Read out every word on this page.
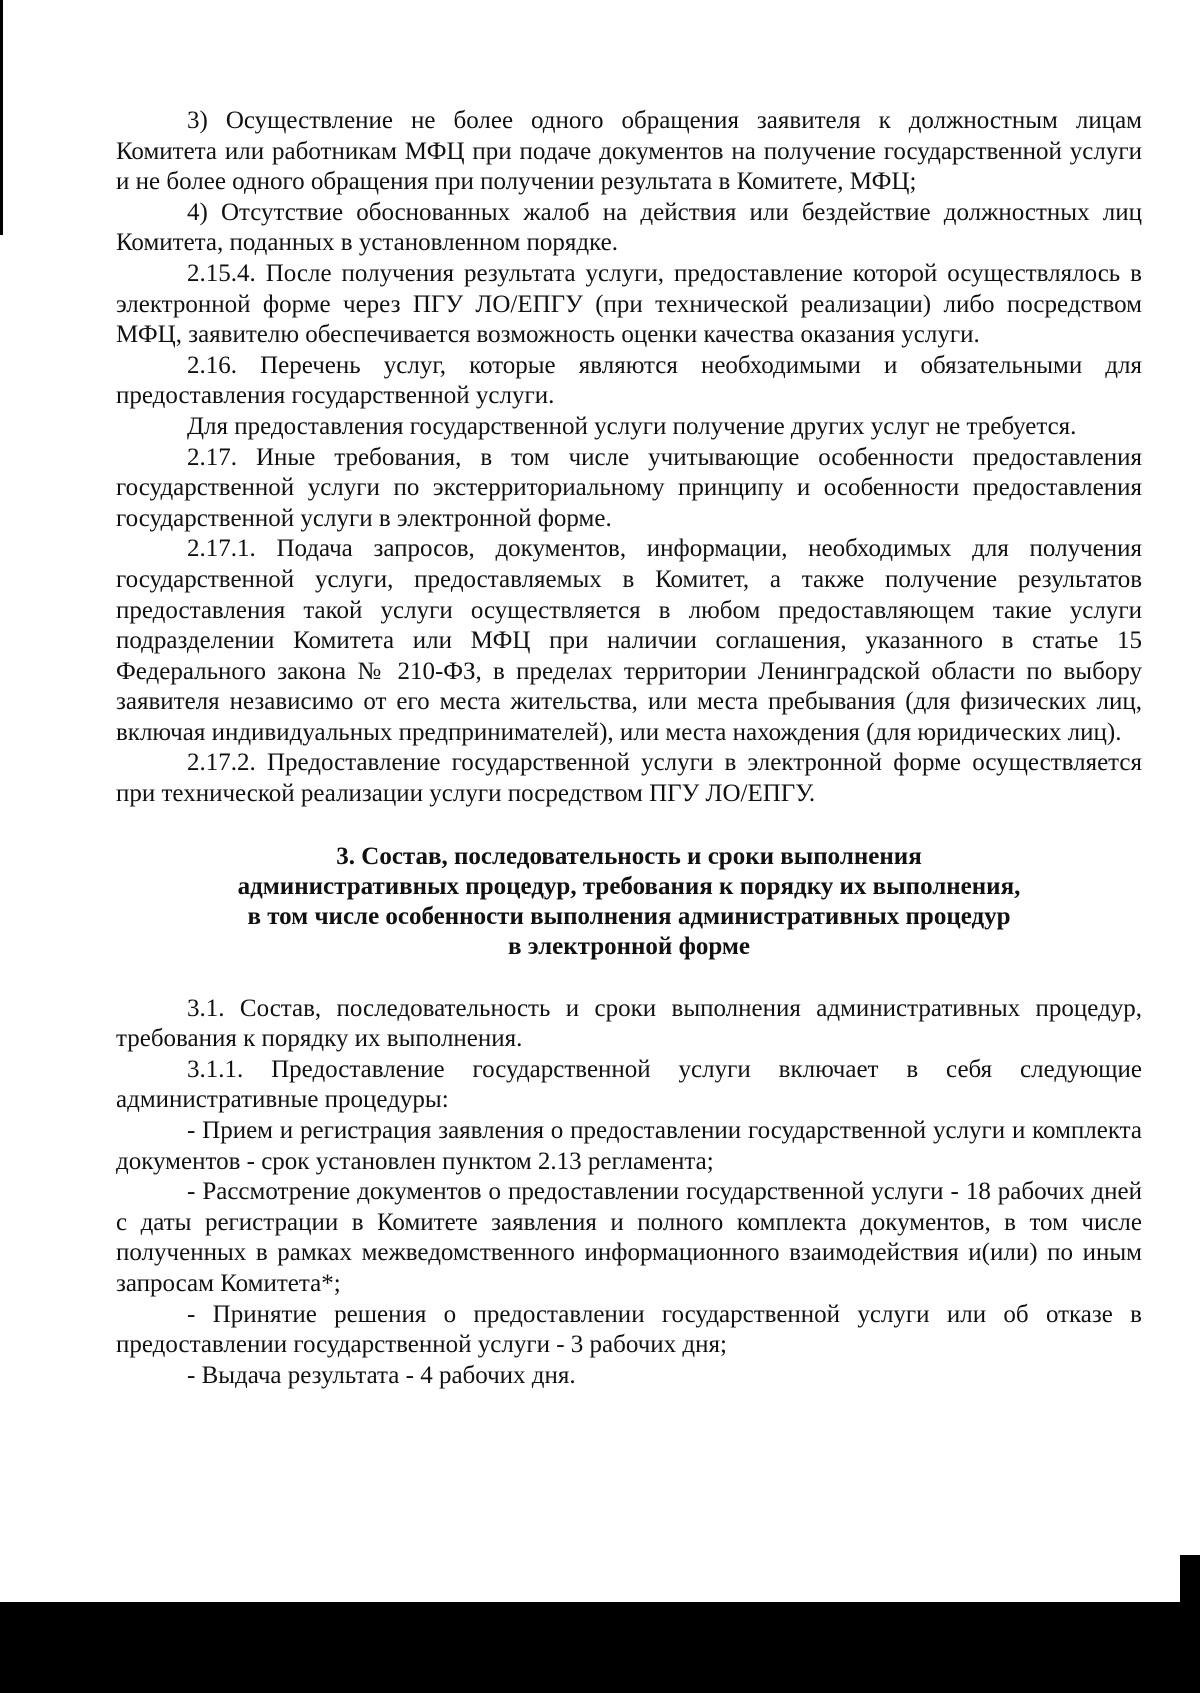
3) Осуществление не более одного обращения заявителя к должностным лицам Комитета или работникам МФЦ при подаче документов на получение государственной услуги и не более одного обращения при получении результата в Комитете, МФЦ;

4) Отсутствие обоснованных жалоб на действия или бездействие должностных лиц Комитета, поданных в установленном порядке.

2.15.4. После получения результата услуги, предоставление которой осуществлялось в электронной форме через ПГУ ЛО/ЕПГУ (при технической реализации) либо посредством МФЦ, заявителю обеспечивается возможность оценки качества оказания услуги.

2.16. Перечень услуг, которые являются необходимыми и обязательными для предоставления государственной услуги.

Для предоставления государственной услуги получение других услуг не требуется.

2.17. Иные требования, в том числе учитывающие особенности предоставления государственной услуги по экстерриториальному принципу и особенности предоставления государственной услуги в электронной форме.

2.17.1. Подача запросов, документов, информации, необходимых для получения государственной услуги, предоставляемых в Комитет, а также получение результатов предоставления такой услуги осуществляется в любом предоставляющем такие услуги подразделении Комитета или МФЦ при наличии соглашения, указанного в статье 15 Федерального закона № 210-ФЗ, в пределах территории Ленинградской области по выбору заявителя независимо от его места жительства, или места пребывания (для физических лиц, включая индивидуальных предпринимателей), или места нахождения (для юридических лиц).

2.17.2. Предоставление государственной услуги в электронной форме осуществляется при технической реализации услуги посредством ПГУ ЛО/ЕПГУ.

3. Состав, последовательность и сроки выполнения
административных процедур, требования к порядку их выполнения,
в том числе особенности выполнения административных процедур
в электронной форме

3.1. Состав, последовательность и сроки выполнения административных процедур, требования к порядку их выполнения.

3.1.1. Предоставление государственной услуги включает в себя следующие административные процедуры:

- Прием и регистрация заявления о предоставлении государственной услуги и комплекта документов - срок установлен пунктом 2.13 регламента;

- Рассмотрение документов о предоставлении государственной услуги - 18 рабочих дней с даты регистрации в Комитете заявления и полного комплекта документов, в том числе полученных в рамках межведомственного информационного взаимодействия и(или) по иным запросам Комитета*;

- Принятие решения о предоставлении государственной услуги или об отказе в предоставлении государственной услуги - 3 рабочих дня;

- Выдача результата - 4 рабочих дня.
